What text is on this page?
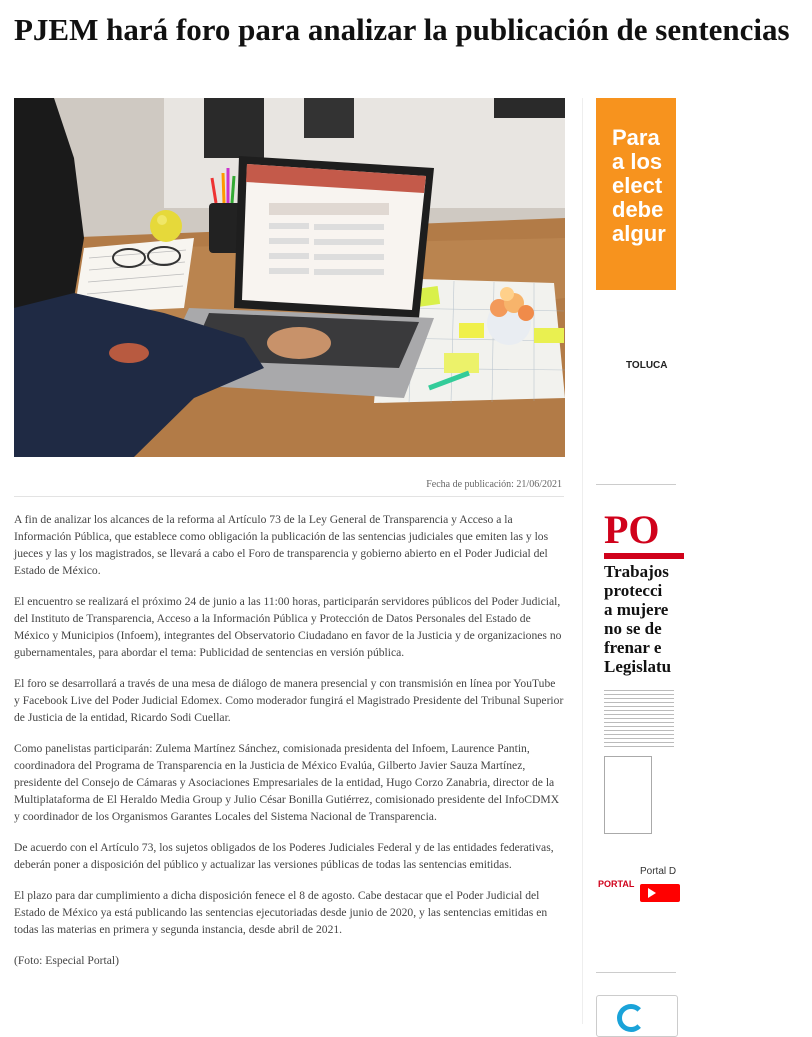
PJEM hará foro para analizar la publicación de sentencias
Fecha de publicación: 21/06/2021

A fin de analizar los alcances de la reforma al Artículo 73 de la Ley General de Transparencia y Acceso a la Información Pública, que establece como obligación la publicación de las sentencias judiciales que emiten las y los jueces y las y los magistrados, se llevará a cabo el Foro de transparencia y gobierno abierto en el Poder Judicial del Estado de México.

El encuentro se realizará el próximo 24 de junio a las 11:00 horas, participarán servidores públicos del Poder Judicial, del Instituto de Transparencia, Acceso a la Información Pública y Protección de Datos Personales del Estado de México y Municipios (Infoem), integrantes del Observatorio Ciudadano en favor de la Justicia y de organizaciones no gubernamentales, para abordar el tema: Publicidad de sentencias en versión pública.

El foro se desarrollará a través de una mesa de diálogo de manera presencial y con transmisión en línea por YouTube y Facebook Live del Poder Judicial Edomex. Como moderador fungirá el Magistrado Presidente del Tribunal Superior de Justicia de la entidad, Ricardo Sodi Cuellar.

Como panelistas participarán: Zulema Martínez Sánchez, comisionada presidenta del Infoem, Laurence Pantin, coordinadora del Programa de Transparencia en la Justicia de México Evalúa, Gilberto Javier Sauza Martínez, presidente del Consejo de Cámaras y Asociaciones Empresariales de la entidad, Hugo Corzo Zanabria, director de la Multiplataforma de El Heraldo Media Group y Julio César Bonilla Gutiérrez, comisionado presidente del InfoCDMX y coordinador de los Organismos Garantes Locales del Sistema Nacional de Transparencia.

De acuerdo con el Artículo 73, los sujetos obligados de los Poderes Judiciales Federal y de las entidades federativas, deberán poner a disposición del público y actualizar las versiones públicas de todas las sentencias emitidas.

El plazo para dar cumplimiento a dicha disposición fenece el 8 de agosto. Cabe destacar que el Poder Judicial del Estado de México ya está publicando las sentencias ejecutoriadas desde junio de 2020, y las sentencias emitidas en todas las materias en primera y segunda instancia, desde abril de 2021.

(Foto: Especial Portal)

Para
a los
elect
debe
algur
TOLUCA
PO
Trabajos
protecci
a mujere
no se de
frenar e
Legislatu
PORTAL
Portal D
